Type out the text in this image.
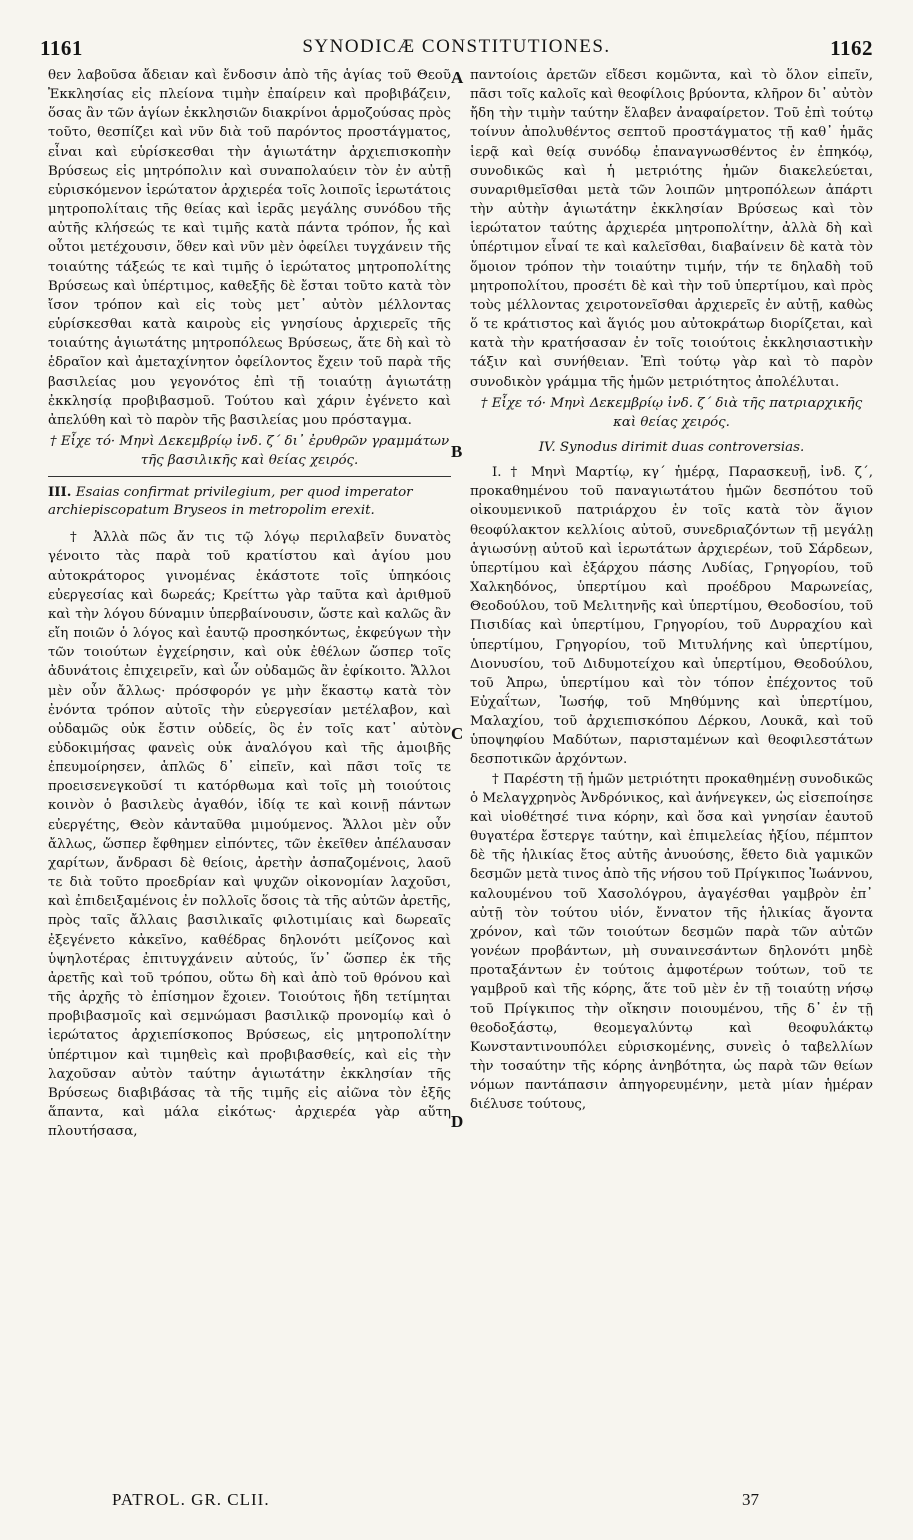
1161	SYNODICÆ CONSTITUTIONES.	1162
A
B
C
D

θεν λαβοῦσα ἄδειαν καὶ ἔνδοσιν ἀπὸ τῆς ἁγίας τοῦ Θεοῦ Ἐκκλησίας εἰς πλείονα τιμὴν ἐπαίρειν καὶ προβιβάζειν, ὅσας ἂν τῶν ἁγίων ἐκκλησιῶν διακρίνοι ἁρμοζούσας πρὸς τοῦτο, θεσπίζει καὶ νῦν διὰ τοῦ παρόντος προστάγματος, εἶναι καὶ εὑρίσκεσθαι τὴν ἁγιωτάτην ἀρχιεπισκοπὴν Βρύσεως εἰς μητρόπολιν καὶ συναπολαύειν τὸν ἐν αὐτῇ εὑρισκόμενον ἱερώτατον ἀρχιερέα τοῖς λοιποῖς ἱερωτάτοις μητροπολίταις τῆς θείας καὶ ἱερᾶς μεγάλης συνόδου τῆς αὐτῆς κλήσεώς τε καὶ τιμῆς κατὰ πάντα τρόπον, ἧς καὶ οὗτοι μετέχουσιν, ὅθεν καὶ νῦν μὲν ὀφείλει τυγχάνειν τῆς τοιαύτης τάξεώς τε καὶ τιμῆς ὁ ἱερώτατος μητροπολίτης Βρύσεως καὶ ὑπέρτιμος, καθεξῆς δὲ ἔσται τοῦτο κατὰ τὸν ἴσον τρόπον καὶ εἰς τοὺς μετ᾽ αὐτὸν μέλλοντας εὑρίσκεσθαι κατὰ καιροὺς εἰς γνησίους ἀρχιερεῖς τῆς τοιαύτης ἁγιωτάτης μητροπόλεως Βρύσεως, ἅτε δὴ καὶ τὸ ἑδραῖον καὶ ἀμεταχίνητον ὀφείλοντος ἔχειν τοῦ παρὰ τῆς βασιλείας μου γεγονότος ἐπὶ τῇ τοιαύτῃ ἁγιωτάτῃ ἐκκλησίᾳ προβιβασμοῦ. Τούτου καὶ χάριν ἐγένετο καὶ ἀπελύθη καὶ τὸ παρὸν τῆς βασιλείας μου πρόσταγμα.

† Εἶχε τό· Μηνὶ Δεκεμβρίῳ ἰνδ. ζ΄ δι᾽ ἐρυθρῶν γραμμάτων τῆς βασιλικῆς καὶ θείας χειρός.

III. Esaias confirmat privilegium, per quod imperator archiepiscopatum Bryseos in metropolim erexit.

† Ἀλλὰ πῶς ἄν τις τῷ λόγῳ περιλαβεῖν δυνατὸς γένοιτο τὰς παρὰ τοῦ κρατίστου καὶ ἁγίου μου αὐτοκράτορος γινομένας ἑκάστοτε τοῖς ὑπηκόοις εὐεργεσίας καὶ δωρεάς; Κρείττω γὰρ ταῦτα καὶ ἀριθμοῦ καὶ τὴν λόγου δύναμιν ὑπερβαίνουσιν, ὥστε καὶ καλῶς ἂν εἴη ποιῶν ὁ λόγος καὶ ἑαυτῷ προσηκόντως, ἐκφεύγων τὴν τῶν τοιούτων ἐγχείρησιν, καὶ οὐκ ἐθέλων ὥσπερ τοῖς ἀδυνάτοις ἐπιχειρεῖν, καὶ ὧν οὐδαμῶς ἂν ἐφίκοιτο. Ἄλλοι μὲν οὖν ἄλλως· πρόσφορόν γε μὴν ἕκαστῳ κατὰ τὸν ἐνόντα τρόπον αὐτοῖς τὴν εὐεργεσίαν μετέλαβον, καὶ οὐδαμῶς οὐκ ἔστιν οὐδείς, ὃς ἐν τοῖς κατ᾽ αὐτὸν εὐδοκιμήσας φανεὶς οὐκ ἀναλόγου καὶ τῆς ἀμοιβῆς ἐπευμοίρησεν, ἁπλῶς δ᾽ εἰπεῖν, καὶ πᾶσι τοῖς τε προεισενεγκοῦσί τι κατόρθωμα καὶ τοῖς μὴ τοιούτοις κοινὸν ὁ βασιλεὺς ἀγαθόν, ἰδίᾳ τε καὶ κοινῇ πάντων εὐεργέτης, Θεὸν κἀνταῦθα μιμούμενος. Ἄλλοι μὲν οὖν ἄλλως, ὥσπερ ἔφθημεν εἰπόντες, τῶν ἐκεῖθεν ἀπέλαυσαν χαρίτων, ἄνδρασι δὲ θείοις, ἀρετὴν ἀσπαζομένοις, λαοῦ τε διὰ τοῦτο προεδρίαν καὶ ψυχῶν οἰκονομίαν λαχοῦσι, καὶ ἐπιδειξαμένοις ἐν πολλοῖς ὅσοις τὰ τῆς αὐτῶν ἀρετῆς, πρὸς ταῖς ἄλλαις βασιλικαῖς φιλοτιμίαις καὶ δωρεαῖς ἐξεγένετο κἀκεῖνο, καθέδρας δηλονότι μείζονος καὶ ὑψηλοτέρας ἐπιτυγχάνειν αὐτούς, ἵν᾽ ὥσπερ ἐκ τῆς ἀρετῆς καὶ τοῦ τρόπου, οὕτω δὴ καὶ ἀπὸ τοῦ θρόνου καὶ τῆς ἀρχῆς τὸ ἐπίσημον ἔχοιεν. Τοιούτοις ἤδη τετίμηται προβιβασμοῖς καὶ σεμνώμασι βασιλικῷ προνομίῳ καὶ ὁ ἱερώτατος ἀρχιεπίσκοπος Βρύσεως, εἰς μητροπολίτην ὑπέρτιμον καὶ τιμηθεὶς καὶ προβιβασθείς, καὶ εἰς τὴν λαχοῦσαν αὐτὸν ταύτην ἁγιωτάτην ἐκκλησίαν τῆς Βρύσεως διαβιβάσας τὰ τῆς τιμῆς εἰς αἰῶνα τὸν ἐξῆς ἅπαντα, καὶ μάλα εἰκότως· ἀρχιερέα γὰρ αὕτη πλουτήσασα,

παντοίοις ἀρετῶν εἴδεσι κομῶντα, καὶ τὸ ὅλον εἰπεῖν, πᾶσι τοῖς καλοῖς καὶ θεοφίλοις βρύοντα, κλῆρον δι᾽ αὐτὸν ἤδη τὴν τιμὴν ταύτην ἔλαβεν ἀναφαίρετον. Τοῦ ἐπὶ τούτῳ τοίνυν ἀπολυθέντος σεπτοῦ προστάγματος τῇ καθ᾽ ἡμᾶς ἱερᾷ καὶ θείᾳ συνόδῳ ἐπαναγνωσθέντος ἐν ἐπηκόῳ, συνοδικῶς καὶ ἡ μετριότης ἡμῶν διακελεύεται, συναριθμεῖσθαι μετὰ τῶν λοιπῶν μητροπόλεων ἀπάρτι τὴν αὐτὴν ἁγιωτάτην ἐκκλησίαν Βρύσεως καὶ τὸν ἱερώτατον ταύτης ἀρχιερέα μητροπολίτην, ἀλλὰ δὴ καὶ ὑπέρτιμον εἶναί τε καὶ καλεῖσθαι, διαβαίνειν δὲ κατὰ τὸν ὅμοιον τρόπον τὴν τοιαύτην τιμήν, τήν τε δηλαδὴ τοῦ μητροπολίτου, προσέτι δὲ καὶ τὴν τοῦ ὑπερτίμου, καὶ πρὸς τοὺς μέλλοντας χειροτονεῖσθαι ἀρχιερεῖς ἐν αὐτῇ, καθὼς ὅ τε κράτιστος καὶ ἅγιός μου αὐτοκράτωρ διορίζεται, καὶ κατὰ τὴν κρατήσασαν ἐν τοῖς τοιούτοις ἐκκλησιαστικὴν τάξιν καὶ συνήθειαν. Ἐπὶ τούτῳ γὰρ καὶ τὸ παρὸν συνοδικὸν γράμμα τῆς ἡμῶν μετριότητος ἀπολέλυται.

† Εἶχε τό· Μηνὶ Δεκεμβρίῳ ἰνδ. ζ΄ διὰ τῆς πατριαρχικῆς καὶ θείας χειρός.

IV. Synodus dirimit duas controversias.

I. † Μηνὶ Μαρτίῳ, κγ΄ ἡμέρᾳ, Παρασκευῇ, ἰνδ. ζ΄, προκαθημένου τοῦ παναγιωτάτου ἡμῶν δεσπότου τοῦ οἰκουμενικοῦ πατριάρχου ἐν τοῖς κατὰ τὸν ἅγιον θεοφύλακτον κελλίοις αὐτοῦ, συνεδριαζόντων τῇ μεγάλῃ ἁγιωσύνῃ αὐτοῦ καὶ ἱερωτάτων ἀρχιερέων, τοῦ Σάρδεων, ὑπερτίμου καὶ ἐξάρχου πάσης Λυδίας, Γρηγορίου, τοῦ Χαλκηδόνος, ὑπερτίμου καὶ προέδρου Μαρωνείας, Θεοδούλου, τοῦ Μελιτηνῆς καὶ ὑπερτίμου, Θεοδοσίου, τοῦ Πισιδίας καὶ ὑπερτίμου, Γρηγορίου, τοῦ Δυρραχίου καὶ ὑπερτίμου, Γρηγορίου, τοῦ Μιτυλήνης καὶ ὑπερτίμου, Διονυσίου, τοῦ Διδυμοτείχου καὶ ὑπερτίμου, Θεοδούλου, τοῦ Ἀπρω, ὑπερτίμου καὶ τὸν τόπον ἐπέχοντος τοῦ Εὐχαΐτων, Ἰωσήφ, τοῦ Μηθύμνης καὶ ὑπερτίμου, Μαλαχίου, τοῦ ἀρχιεπισκόπου Δέρκου, Λουκᾶ, καὶ τοῦ ὑποψηφίου Μαδύτων, παρισταμένων καὶ θεοφιλεστάτων δεσποτικῶν ἀρχόντων.

† Παρέστη τῇ ἡμῶν μετριότητι προκαθημένῃ συνοδικῶς ὁ Μελαγχρηνὸς Ἀνδρόνικος, καὶ ἀνήνεγκεν, ὡς εἰσεποίησε καὶ υἱοθέτησέ τινα κόρην, καὶ ὅσα καὶ γνησίαν ἑαυτοῦ θυγατέρα ἔστεργε ταύτην, καὶ ἐπιμελείας ἠξίου, πέμπτον δὲ τῆς ἡλικίας ἔτος αὐτῆς ἀνυούσης, ἔθετο διὰ γαμικῶν δεσμῶν μετὰ τινος ἀπὸ τῆς νήσου τοῦ Πρίγκιπος Ἰωάννου, καλουμένου τοῦ Χασολόγρου, ἀγαγέσθαι γαμβρὸν ἐπ᾽ αὐτῇ τὸν τούτου υἱόν, ἔννατον τῆς ἡλικίας ἄγοντα χρόνον, καὶ τῶν τοιούτων δεσμῶν παρὰ τῶν αὐτῶν γονέων προβάντων, μὴ συναινεσάντων δηλονότι μηδὲ προταξάντων ἐν τούτοις ἀμφοτέρων τούτων, τοῦ τε γαμβροῦ καὶ τῆς κόρης, ἅτε τοῦ μὲν ἐν τῇ τοιαύτῃ νήσῳ τοῦ Πρίγκιπος τὴν οἴκησιν ποιουμένου, τῆς δ᾽ ἐν τῇ θεοδοξάστῳ, θεομεγαλύντῳ καὶ θεοφυλάκτῳ Κωνσταντινουπόλει εὑρισκομένης, συνεὶς ὁ ταβελλίων τὴν τοσαύτην τῆς κόρης ἀνηβότητα, ὡς παρὰ τῶν θείων νόμων παντάπασιν ἀπηγορευμένην, μετὰ μίαν ἡμέραν διέλυσε τούτους,

PATROL. GR. CLII.	37
